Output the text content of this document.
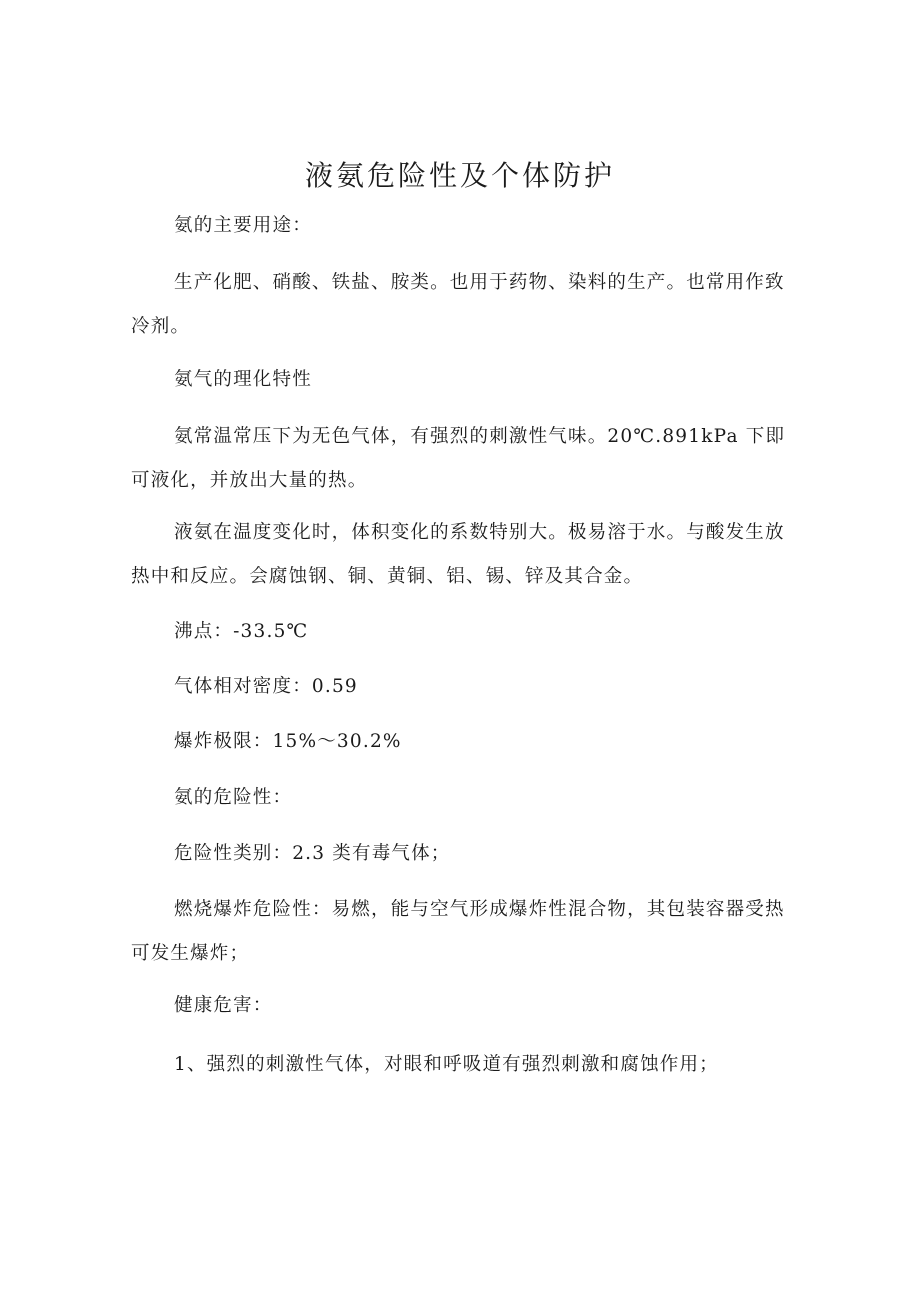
液氨危险性及个体防护

氨的主要用途：

生产化肥、硝酸、铁盐、胺类。也用于药物、染料的生产。也常用作致冷剂。

氨气的理化特性

氨常温常压下为无色气体，有强烈的刺激性气味。20℃.891kPa 下即可液化，并放出大量的热。

液氨在温度变化时，体积变化的系数特别大。极易溶于水。与酸发生放热中和反应。会腐蚀钢、铜、黄铜、铝、锡、锌及其合金。

沸点：-33.5℃

气体相对密度：0.59

爆炸极限：15%～30.2%

氨的危险性：

危险性类别：2.3 类有毒气体；

燃烧爆炸危险性：易燃，能与空气形成爆炸性混合物，其包装容器受热可发生爆炸；

健康危害：

1、强烈的刺激性气体，对眼和呼吸道有强烈刺激和腐蚀作用；
